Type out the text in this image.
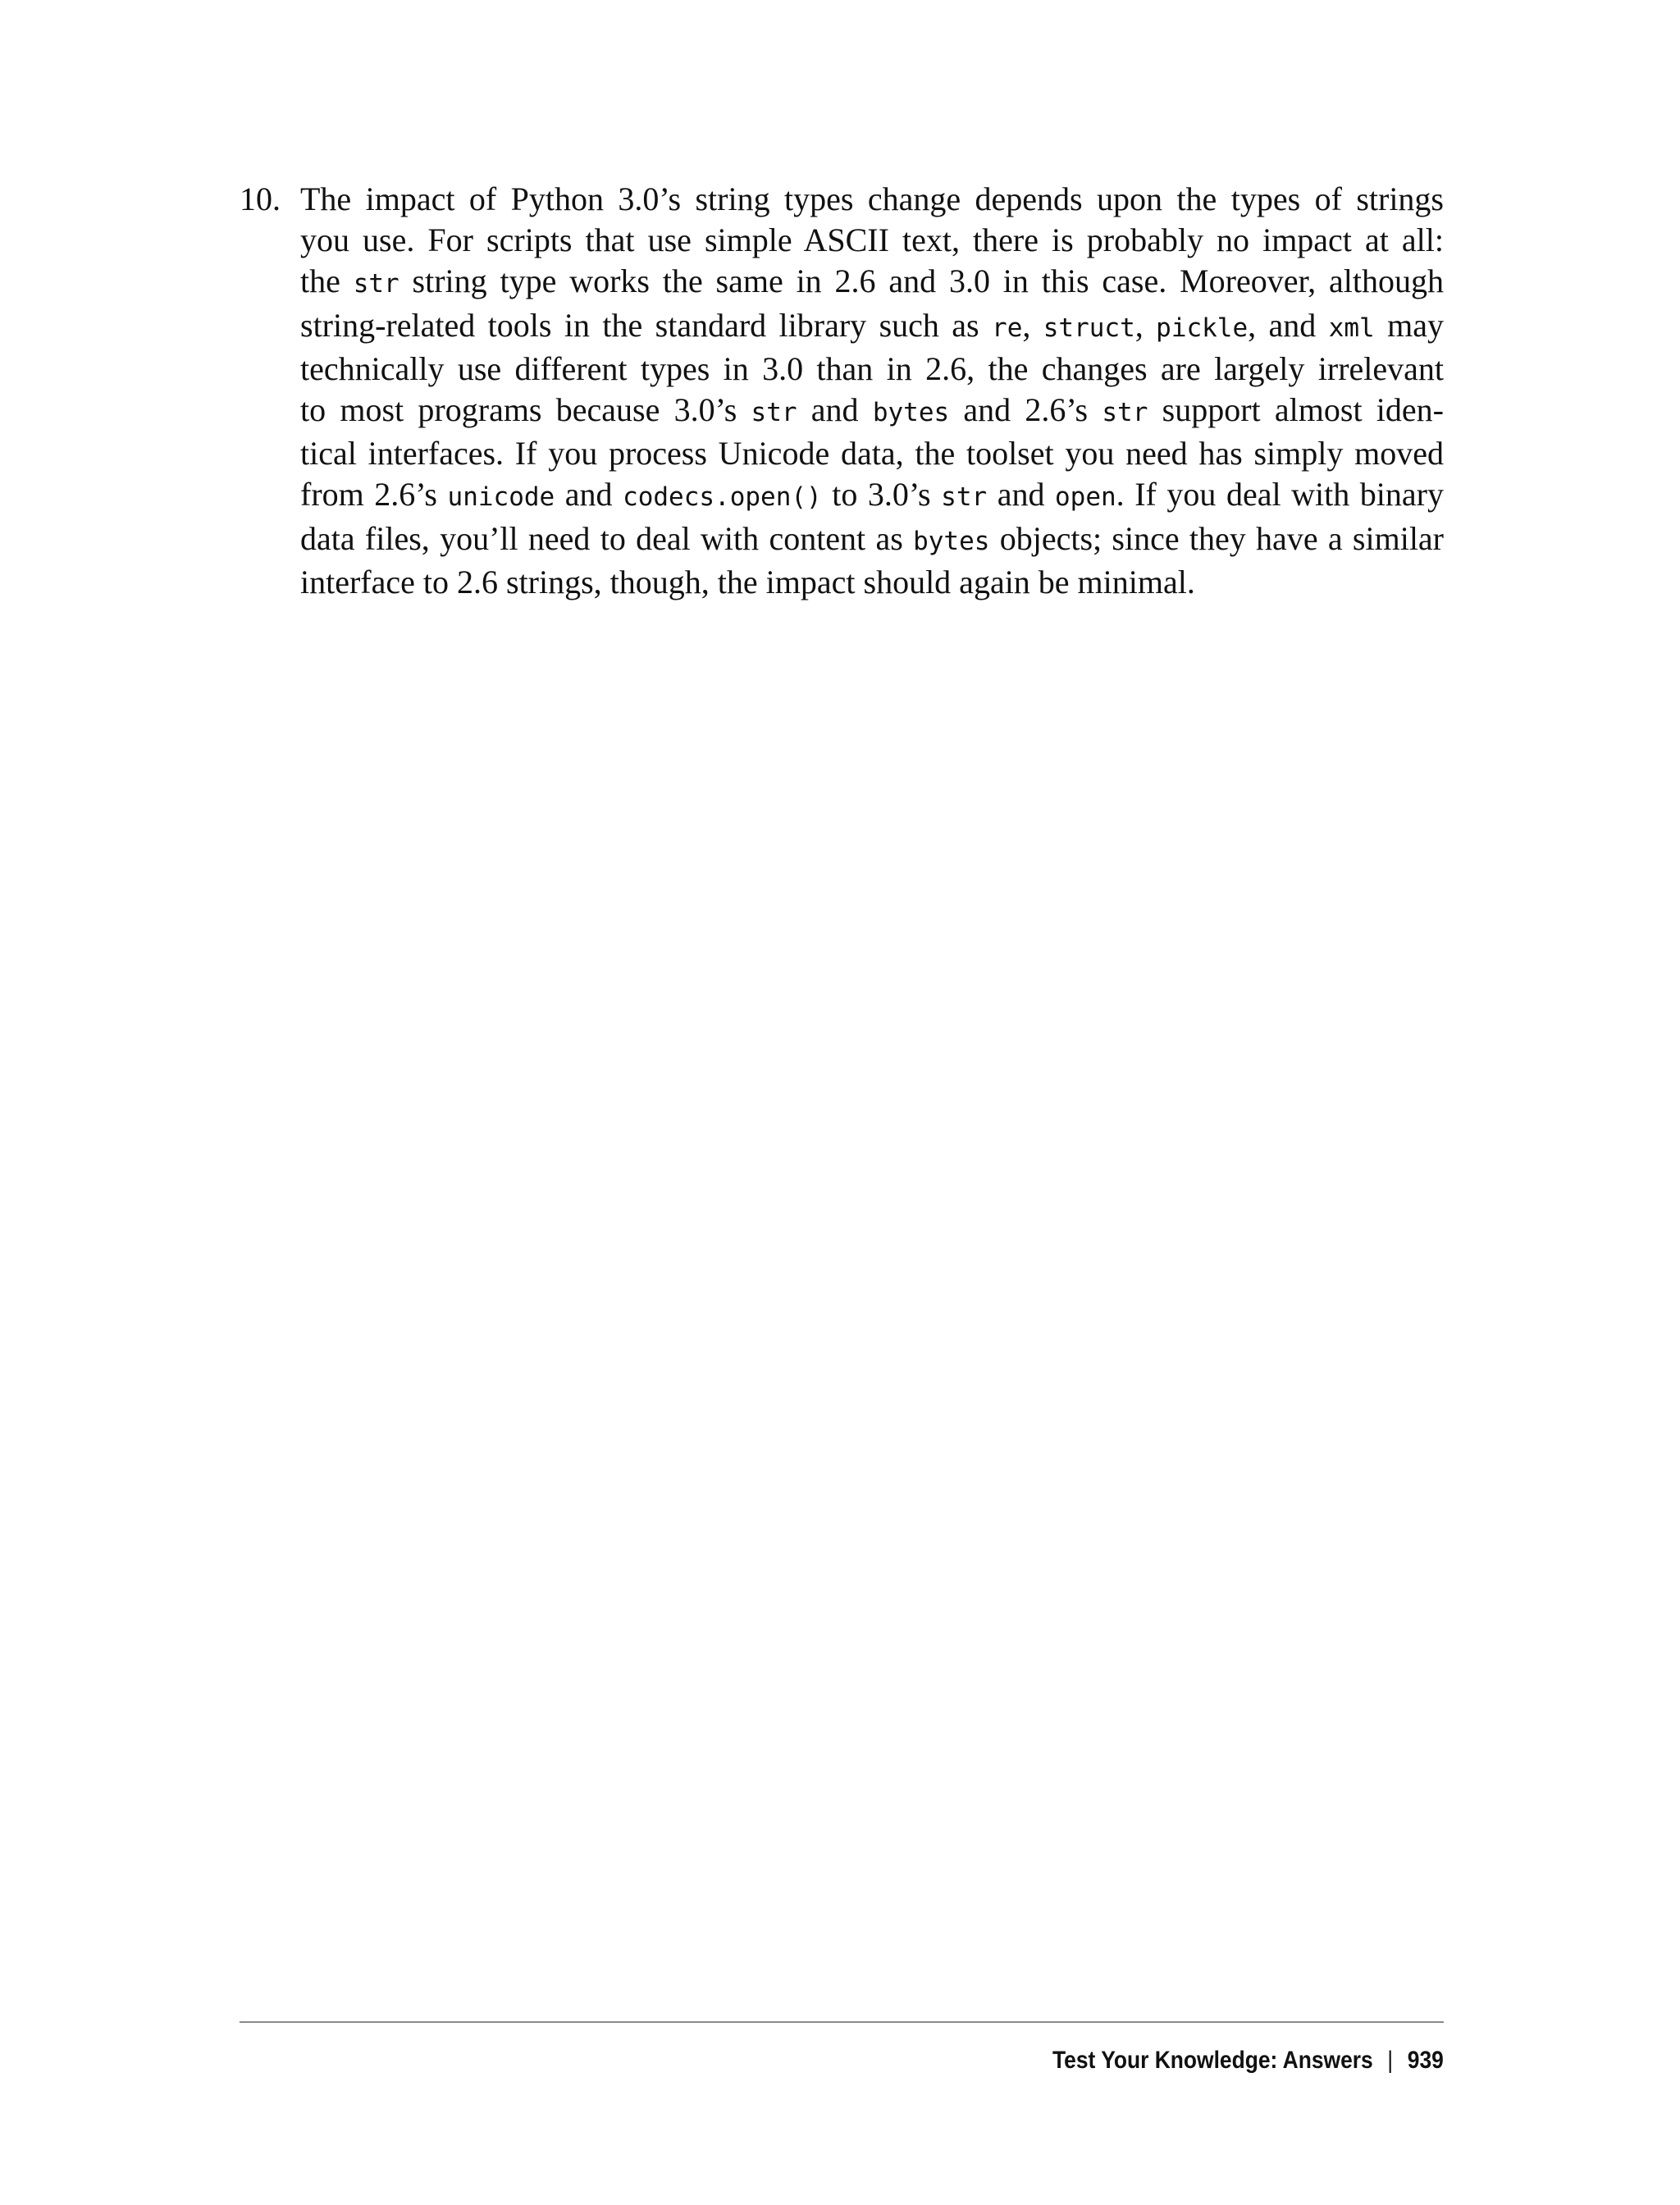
10. The impact of Python 3.0’s string types change depends upon the types of strings
you use. For scripts that use simple ASCII text, there is probably no impact at all:
the str string type works the same in 2.6 and 3.0 in this case. Moreover, although
string-related tools in the standard library such as re, struct, pickle, and xml may
technically use different types in 3.0 than in 2.6, the changes are largely irrelevant
to most programs because 3.0’s str and bytes and 2.6’s str support almost iden-
tical interfaces. If you process Unicode data, the toolset you need has simply moved
from 2.6’s unicode and codecs.open() to 3.0’s str and open. If you deal with binary
data files, you’ll need to deal with content as bytes objects; since they have a similar
interface to 2.6 strings, though, the impact should again be minimal.
Test Your Knowledge: Answers | 939
